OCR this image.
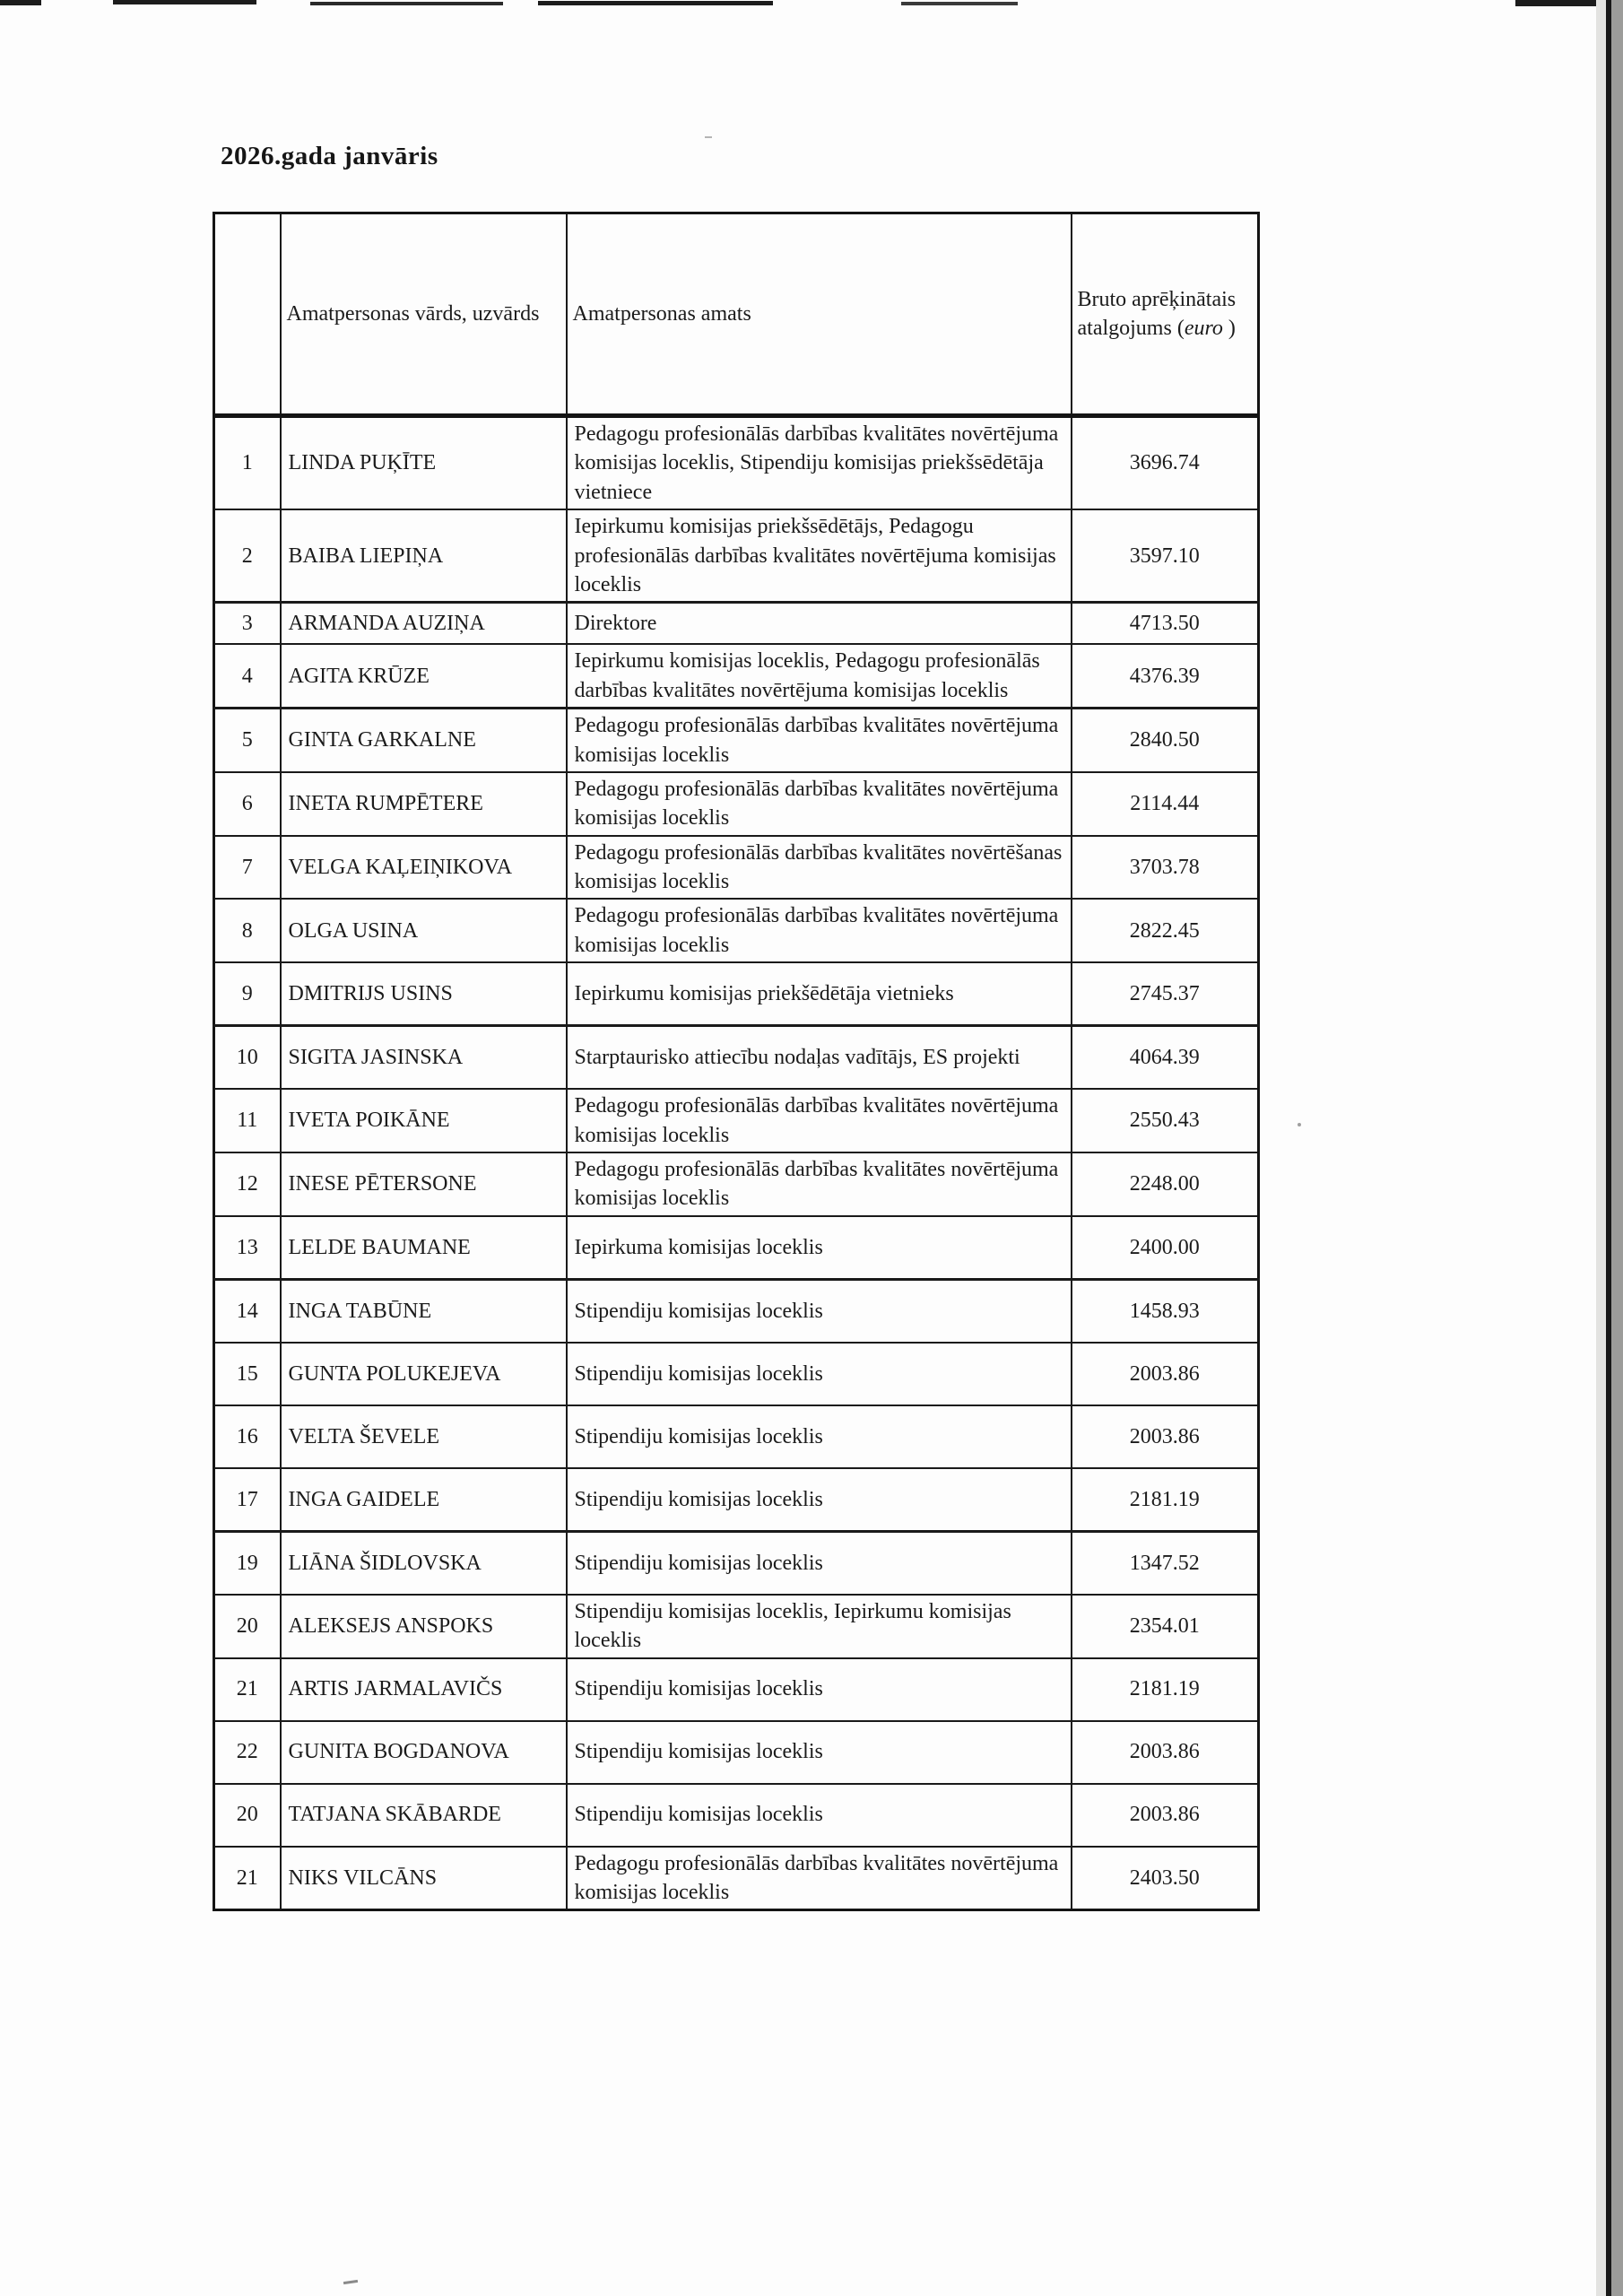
2026.gada janvāris
	Amatpersonas vārds, uzvārds	Amatpersonas amats	Bruto aprēķinātais
atalgojums (euro )
1	LINDA PUĶĪTE	Pedagogu profesionālās darbības kvalitātes novērtējuma komisijas loceklis, Stipendiju komisijas priekšsēdētāja vietniece	3696.74
2	BAIBA LIEPIŅA	Iepirkumu komisijas priekšsēdētājs, Pedagogu profesionālās darbības kvalitātes novērtējuma komisijas loceklis	3597.10
3	ARMANDA AUZIŅA	Direktore	4713.50
4	AGITA KRŪZE	Iepirkumu komisijas loceklis, Pedagogu profesionālās darbības kvalitātes novērtējuma komisijas loceklis	4376.39
5	GINTA GARKALNE	Pedagogu profesionālās darbības kvalitātes novērtējuma komisijas loceklis	2840.50
6	INETA RUMPĒTERE	Pedagogu profesionālās darbības kvalitātes novērtējuma komisijas loceklis	2114.44
7	VELGA KAĻEIŅIKOVA	Pedagogu profesionālās darbības kvalitātes novērtēšanas komisijas loceklis	3703.78
8	OLGA USINA	Pedagogu profesionālās darbības kvalitātes novērtējuma komisijas loceklis	2822.45
9	DMITRIJS USINS	Iepirkumu komisijas priekšēdētāja vietnieks	2745.37
10	SIGITA JASINSKA	Starptaurisko attiecību nodaļas vadītājs, ES projekti	4064.39
11	IVETA POIKĀNE	Pedagogu profesionālās darbības kvalitātes novērtējuma komisijas loceklis	2550.43
12	INESE PĒTERSONE	Pedagogu profesionālās darbības kvalitātes novērtējuma komisijas loceklis	2248.00
13	LELDE BAUMANE	Iepirkuma komisijas loceklis	2400.00
14	INGA TABŪNE	Stipendiju komisijas loceklis	1458.93
15	GUNTA POLUKEJEVA	Stipendiju komisijas loceklis	2003.86
16	VELTA ŠEVELE	Stipendiju komisijas loceklis	2003.86
17	INGA GAIDELE	Stipendiju komisijas loceklis	2181.19
19	LIĀNA ŠIDLOVSKA	Stipendiju komisijas loceklis	1347.52
20	ALEKSEJS ANSPOKS	Stipendiju komisijas loceklis, Iepirkumu komisijas loceklis	2354.01
21	ARTIS JARMALAVIČS	Stipendiju komisijas loceklis	2181.19
22	GUNITA BOGDANOVA	Stipendiju komisijas loceklis	2003.86
20	TATJANA SKĀBARDE	Stipendiju komisijas loceklis	2003.86
21	NIKS VILCĀNS	Pedagogu profesionālās darbības kvalitātes novērtējuma komisijas loceklis	2403.50
